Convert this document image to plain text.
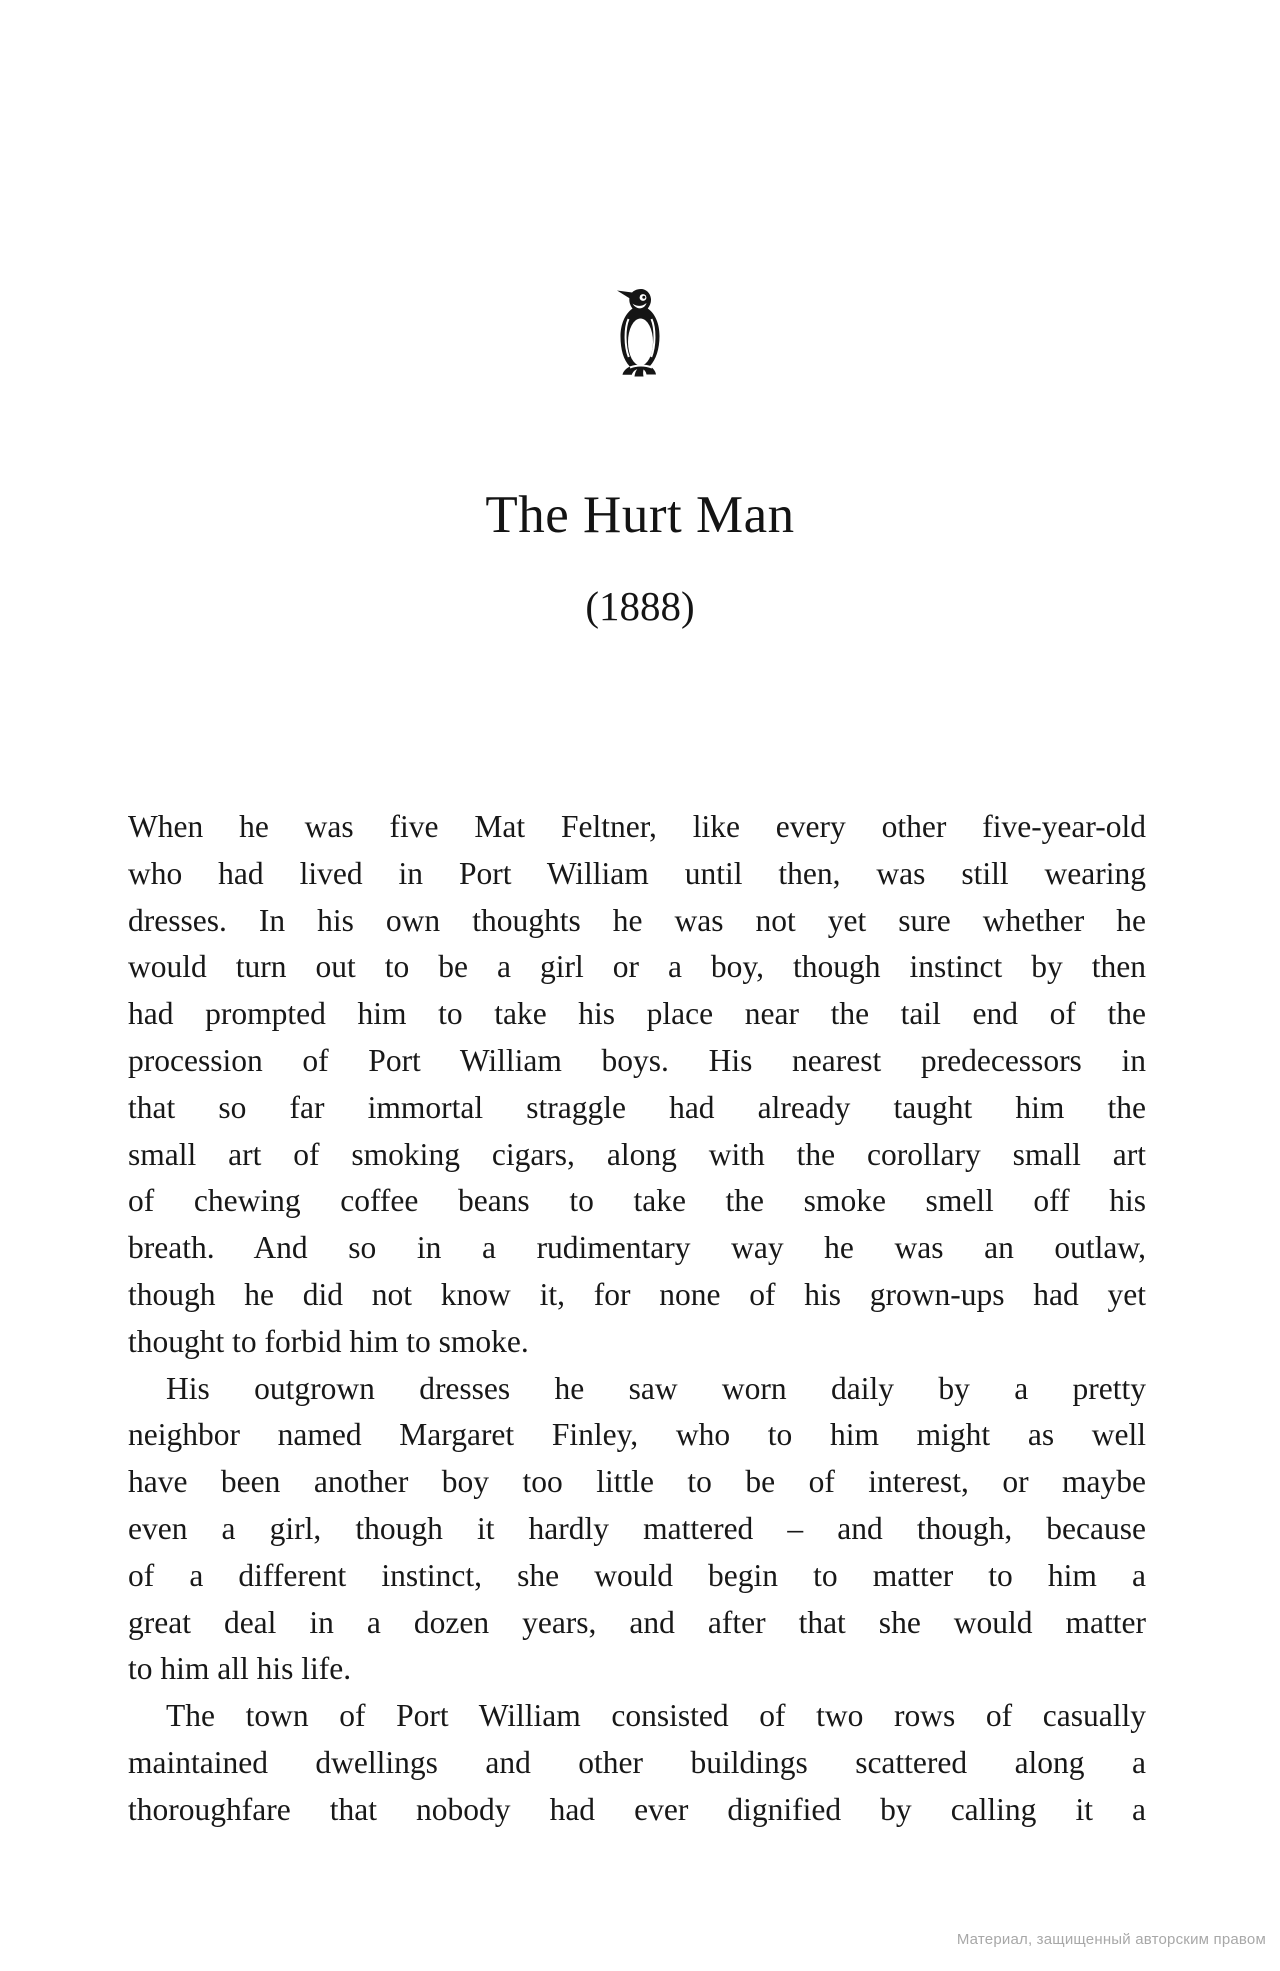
The Hurt Man
(1888)
When he was five Mat Feltner, like every other five-year-old
who had lived in Port William until then, was still wearing
dresses. In his own thoughts he was not yet sure whether he
would turn out to be a girl or a boy, though instinct by then
had prompted him to take his place near the tail end of the
procession of Port William boys. His nearest predecessors in
that so far immortal straggle had already taught him the
small art of smoking cigars, along with the corollary small art
of chewing coffee beans to take the smoke smell off his
breath. And so in a rudimentary way he was an outlaw,
though he did not know it, for none of his grown-ups had yet
thought to forbid him to smoke.
His outgrown dresses he saw worn daily by a pretty
neighbor named Margaret Finley, who to him might as well
have been another boy too little to be of interest, or maybe
even a girl, though it hardly mattered – and though, because
of a different instinct, she would begin to matter to him a
great deal in a dozen years, and after that she would matter
to him all his life.
The town of Port William consisted of two rows of casually
maintained dwellings and other buildings scattered along a
thoroughfare that nobody had ever dignified by calling it a
Материал, защищенный авторским правом
